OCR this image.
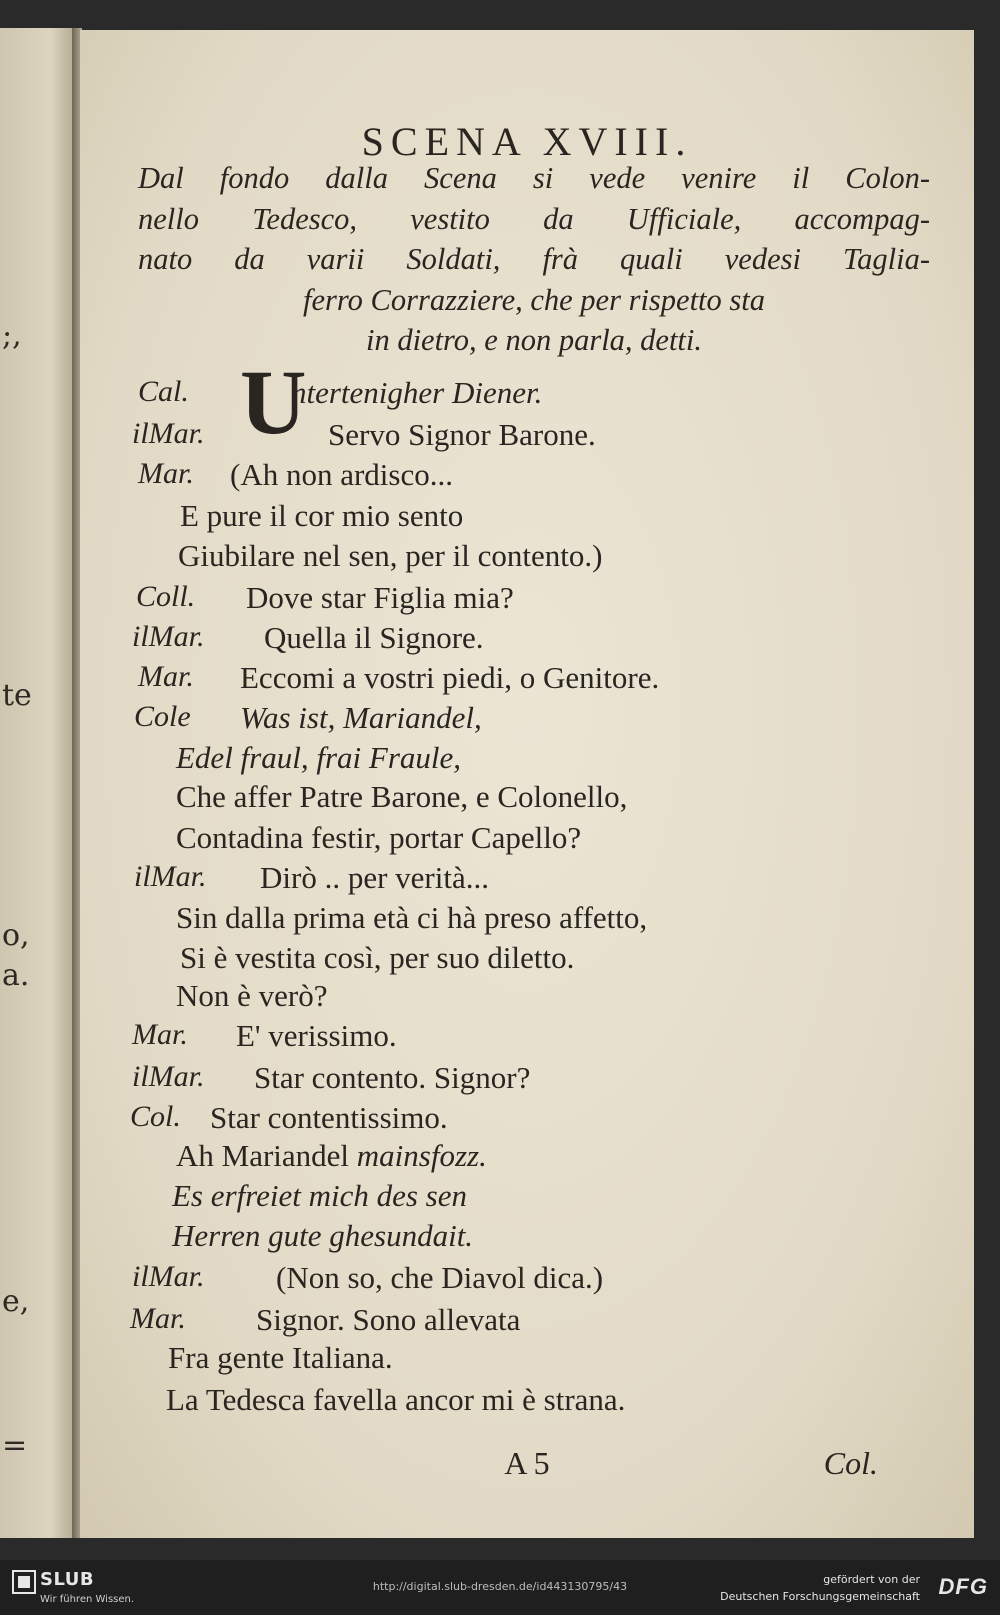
;,
te
o,
a.
e,
=
SCENA XVIII.
Dal fondo dalla Scena si vede venire il Colon-
nello Tedesco, vestito da Ufficiale, accompag-
nato da varii Soldati, frà quali vedesi Taglia-
ferro Corrazziere, che per rispetto sta
in dietro, e non parla, detti.
U
Cal.	ntertenigher Diener.
ilMar.	Servo Signor Barone.
Mar. (Ah non ardisco...
E pure il cor mio sento
Giubilare nel sen, per il contento.)
Coll. Dove star Figlia mia?
ilMar. Quella il Signore.
Mar. Eccomi a vostri piedi, o Genitore.
Cole Was ist, Mariandel,
Edel fraul, frai Fraule,
Che affer Patre Barone, e Colonello,
Contadina festir, portar Capello?
ilMar. Dirò .. per verità...
Sin dalla prima età ci hà preso affetto,
Si è vestita così, per suo diletto.
Non è verò?
Mar. E' verissimo.
ilMar. Star contento. Signor?
Col. Star contentissimo.
Ah Mariandel mainsfozz.
Es erfreiet mich des sen
Herren gute ghesundait.
ilMar. (Non so, che Diavol dica.)
Mar. Signor. Sono allevata
Fra gente Italiana.
La Tedesca favella ancor mi è strana.
A 5	Col.
SLUB
Wir führen Wissen.
http://digital.slub-dresden.de/id443130795/43
gefördert von der
Deutschen Forschungsgemeinschaft DFG
